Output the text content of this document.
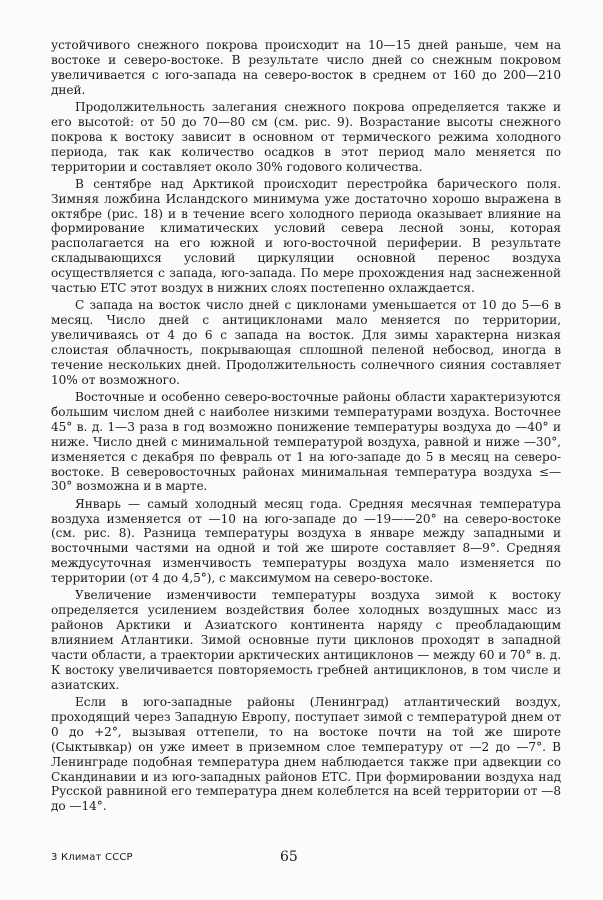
устойчивого снежного покрова происходит на 10—15 дней раньше, чем на востоке и северо-востоке. В результате число дней со снежным покровом увеличивается с юго-запада на северо-восток в среднем от 160 до 200—210 дней.

Продолжительность залегания снежного покрова определяется также и его высотой: от 50 до 70—80 см (см. рис. 9). Возрастание высоты снежного покрова к востоку зависит в основном от термического режима холодного периода, так как количество осадков в этот период мало меняется по территории и составляет около 30% годового количества.

В сентябре над Арктикой происходит перестройка барического поля. Зимняя ложбина Исландского минимума уже достаточно хорошо выражена в октябре (рис. 18) и в течение всего холодного периода оказывает влияние на формирование климатических условий севера лесной зоны, которая располагается на его южной и юго-восточной периферии. В результате складывающихся условий циркуляции основной перенос воздуха осуществляется с запада, юго-запада. По мере прохождения над заснеженной частью ЕТС этот воздух в нижних слоях постепенно охлаждается.

С запада на восток число дней с циклонами уменьшается от 10 до 5—6 в месяц. Число дней с антициклонами мало меняется по территории, увеличиваясь от 4 до 6 с запада на восток. Для зимы характерна низкая слоистая облачность, покрывающая сплошной пеленой небосвод, иногда в течение нескольких дней. Продолжительность солнечного сияния составляет 10% от возможного.

Восточные и особенно северо-восточные районы области характеризуются большим числом дней с наиболее низкими температурами воздуха. Восточнее 45° в. д. 1—3 раза в год возможно понижение температуры воздуха до —40° и ниже. Число дней с минимальной температурой воздуха, равной и ниже —30°, изменяется с декабря по февраль от 1 на юго-западе до 5 в месяц на северо-востоке. В северовосточных районах минимальная температура воздуха ≤—30° возможна и в марте.

Январь — самый холодный месяц года. Средняя месячная температура воздуха изменяется от —10 на юго-западе до —19——20° на северо-востоке (см. рис. 8). Разница температуры воздуха в январе между западными и восточными частями на одной и той же широте составляет 8—9°. Средняя междусуточная изменчивость температуры воздуха мало изменяется по территории (от 4 до 4,5°), с максимумом на северо-востоке.

Увеличение изменчивости температуры воздуха зимой к востоку определяется усилением воздействия более холодных воздушных масс из районов Арктики и Азиатского континента наряду с преобладающим влиянием Атлантики. Зимой основные пути циклонов проходят в западной части области, а траектории арктических антициклонов — между 60 и 70° в. д. К востоку увеличивается повторяемость гребней антициклонов, в том числе и азиатских.

Если в юго-западные районы (Ленинград) атлантический воздух, проходящий через Западную Европу, поступает зимой с температурой днем от 0 до +2°, вызывая оттепели, то на востоке почти на той же широте (Сыктывкар) он уже имеет в приземном слое температуру от —2 до —7°. В Ленинграде подобная температура днем наблюдается также при адвекции со Скандинавии и из юго-западных районов ЕТС. При формировании воздуха над Русской равниной его температура днем колеблется на всей территории от —8 до —14°.

3 Климат СССР	65
